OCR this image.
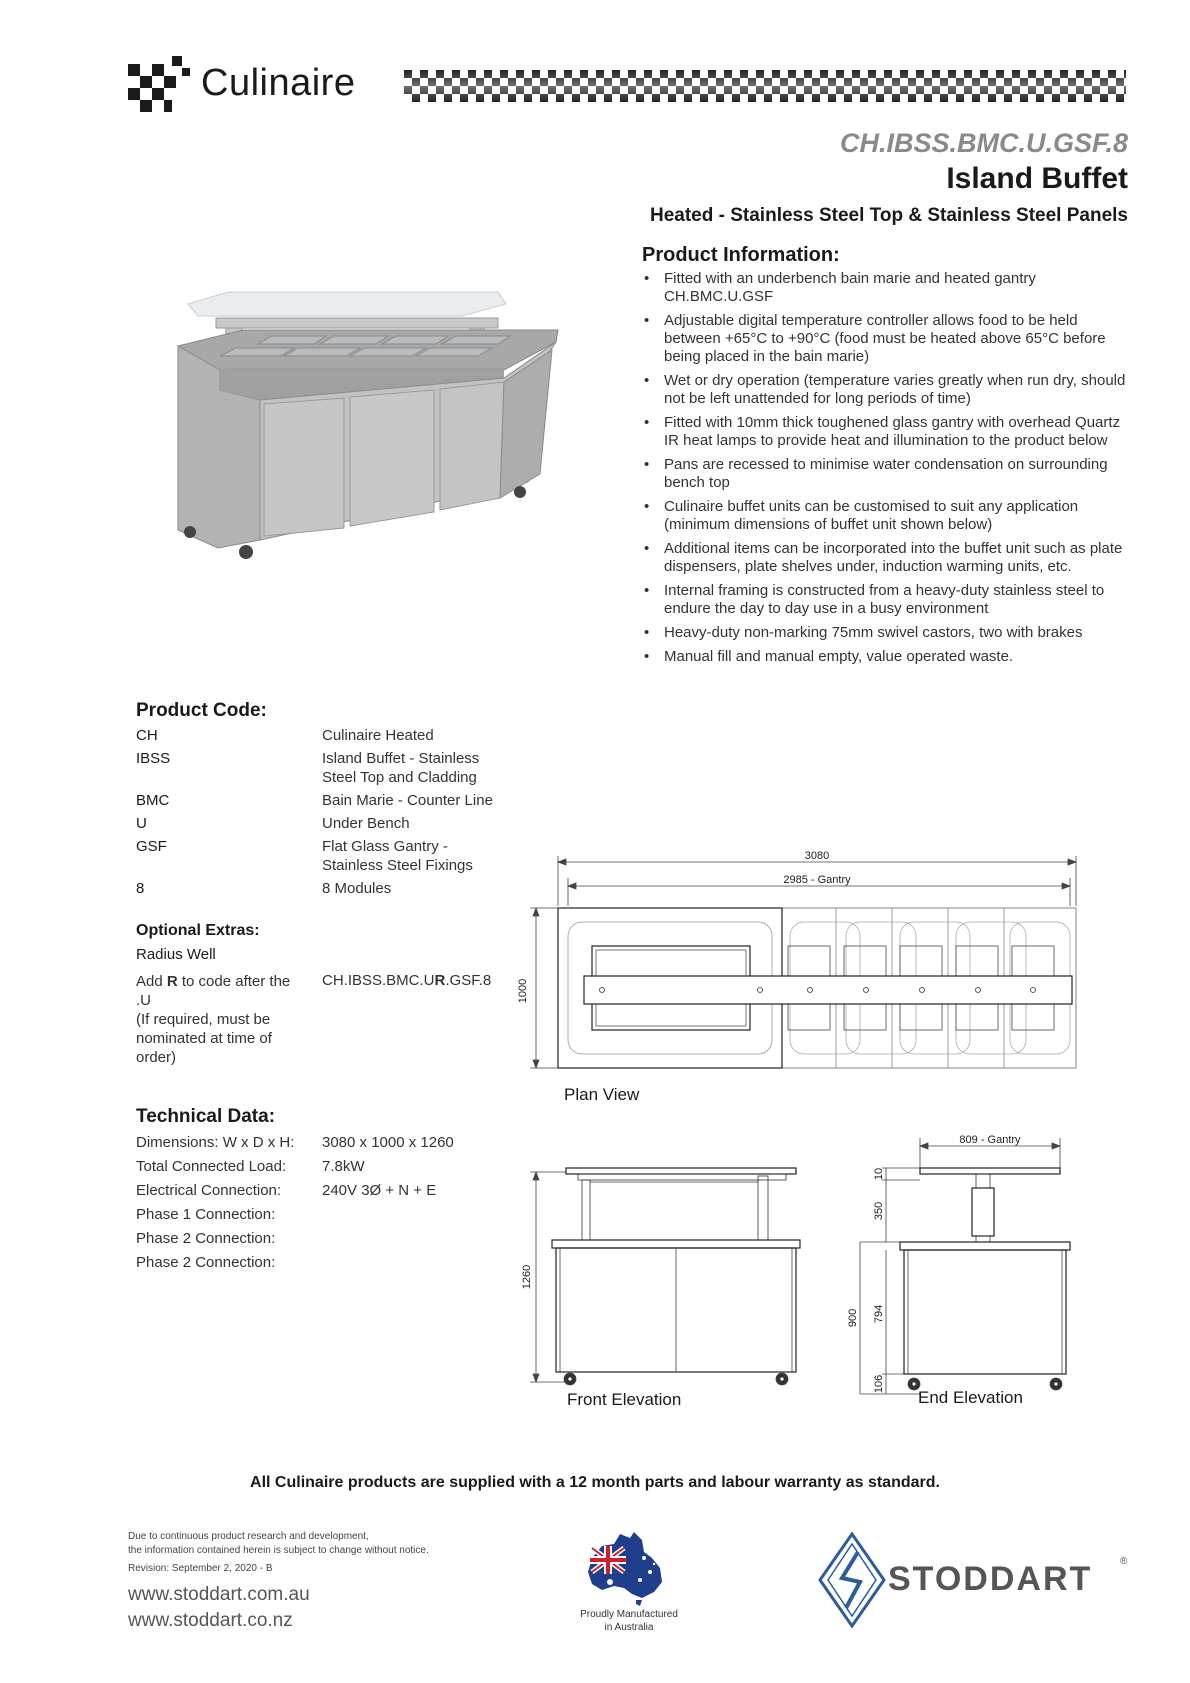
Culinaire
CH.IBSS.BMC.U.GSF.8
Island Buffet
Heated - Stainless Steel Top & Stainless Steel Panels
Product Information:
• Fitted with an underbench bain marie and heated gantry CH.BMC.U.GSF
• Adjustable digital temperature controller allows food to be held between +65°C to +90°C (food must be heated above 65°C before being placed in the bain marie)
• Wet or dry operation (temperature varies greatly when run dry, should not be left unattended for long periods of time)
• Fitted with 10mm thick toughened glass gantry with overhead Quartz IR heat lamps to provide heat and illumination to the product below
• Pans are recessed to minimise water condensation on surrounding bench top
• Culinaire buffet units can be customised to suit any application (minimum dimensions of buffet unit shown below)
• Additional items can be incorporated into the buffet unit such as plate dispensers, plate shelves under, induction warming units, etc.
• Internal framing is constructed from a heavy-duty stainless steel to endure the day to day use in a busy environment
• Heavy-duty non-marking 75mm swivel castors, two with brakes
• Manual fill and manual empty, value operated waste.
Product Code:
CH	Culinaire Heated
IBSS	Island Buffet - Stainless Steel Top and Cladding
BMC	Bain Marie - Counter Line
U	Under Bench
GSF	Flat Glass Gantry - Stainless Steel Fixings
8	8 Modules
Optional Extras:
Radius Well
Add R to code after the .U
(If required, must be nominated at time of order)
CH.IBSS.BMC.UR.GSF.8
Technical Data:
Dimensions: W x D x H:	3080 x 1000 x 1260
Total Connected Load:	7.8kW
Electrical Connection:	240V 3Ø + N + E
Phase 1 Connection:	
Phase 2 Connection:	
Phase 2 Connection:	
3080
2985 - Gantry
1000
Plan View
1260
Front Elevation
809 - Gantry
10
350
900 794
106
End Elevation
All Culinaire products are supplied with a 12 month parts and labour warranty as standard.
Due to continuous product research and development,
the information contained herein is subject to change without notice.
Revision: September 2, 2020 - B
www.stoddart.com.au
www.stoddart.co.nz	Proudly Manufactured
in Australia
STODDART	®
